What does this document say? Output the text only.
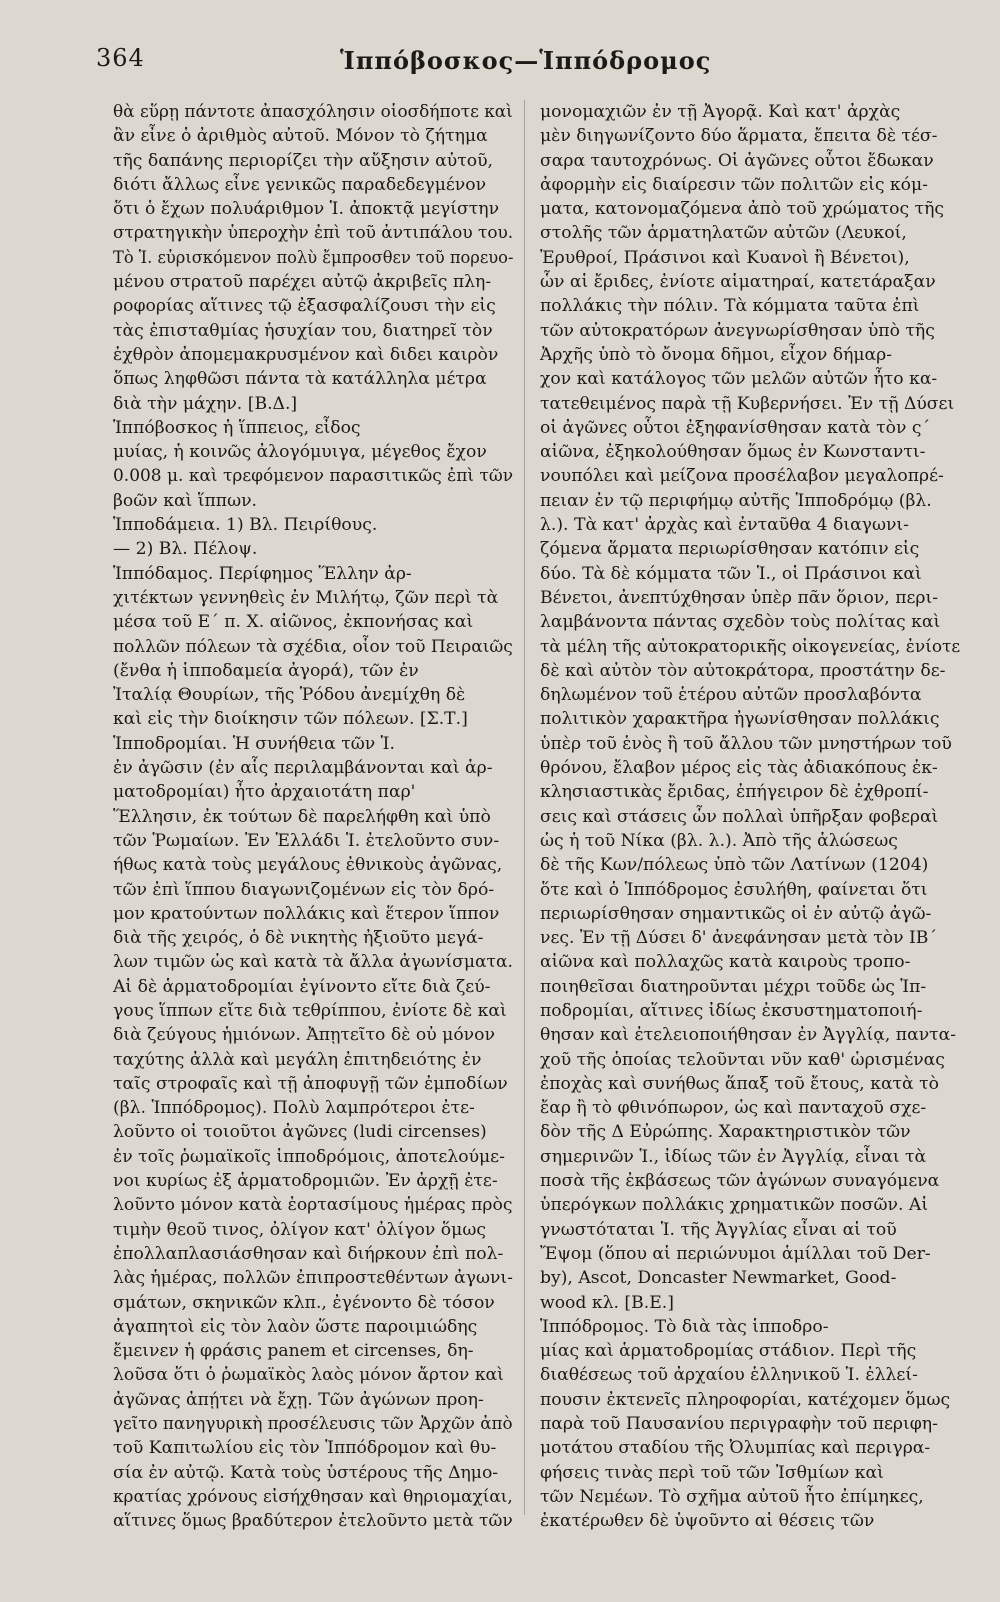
364	Ἱππόβοσκος—Ἱππόδρομος
θὰ εὕρῃ πάντοτε ἀπασχόλησιν οἱοσδήποτε καὶ
ἂν εἶνε ὁ ἀριθμὸς αὐτοῦ. Μόνον τὸ ζήτημα
τῆς δαπάνης περιορίζει τὴν αὔξησιν αὐτοῦ,
διότι ἄλλως εἶνε γενικῶς παραδεδεγμένον
ὅτι ὁ ἔχων πολυάριθμον Ἱ. ἀποκτᾷ μεγίστην
στρατηγικὴν ὑπεροχὴν ἐπὶ τοῦ ἀντιπάλου του.
Τὸ Ἱ. εὑρισκόμενον πολὺ ἔμπροσθεν τοῦ πορευο-
μένου στρατοῦ παρέχει αὐτῷ ἀκριβεῖς πλη-
ροφορίας αἵτινες τῷ ἐξασφαλίζουσι τὴν εἰς
τὰς ἐπισταθμίας ἡσυχίαν του, διατηρεῖ τὸν
ἐχθρὸν ἀπομεμακρυσμένον καὶ διδει καιρὸν
ὅπως ληφθῶσι πάντα τὰ κατάλληλα μέτρα
διὰ τὴν μάχην. [Β.Δ.]
Ἱππόβοσκος ἡ ἵππειος, εἶδος
μυίας, ἡ κοινῶς ἀλογόμυιγα, μέγεθος ἔχον
0.008 μ. καὶ τρεφόμενον παρασιτικῶς ἐπὶ τῶν
βοῶν καὶ ἵππων.
Ἱπποδάμεια. 1) Βλ. Πειρίθους.
— 2) Βλ. Πέλοψ.
Ἱππόδαμος. Περίφημος Ἕλλην ἀρ-
χιτέκτων γεννηθεὶς ἐν Μιλήτῳ, ζῶν περὶ τὰ
μέσα τοῦ Ε΄ π. Χ. αἰῶνος, ἐκπονήσας καὶ
πολλῶν πόλεων τὰ σχέδια, οἷον τοῦ Πειραιῶς
(ἔνθα ἡ ἱπποδαμεία ἀγορά), τῶν ἐν
Ἰταλίᾳ Θουρίων, τῆς Ῥόδου ἀνεμίχθη δὲ
καὶ εἰς τὴν διοίκησιν τῶν πόλεων. [Σ.Τ.]
Ἱπποδρομίαι. Ἡ συνήθεια τῶν Ἱ.
ἐν ἀγῶσιν (ἐν αἷς περιλαμβάνονται καὶ ἁρ-
ματοδρομίαι) ἦτο ἀρχαιοτάτη παρ'
Ἕλλησιν, ἐκ τούτων δὲ παρελήφθη καὶ ὑπὸ
τῶν Ῥωμαίων. Ἐν Ἑλλάδι Ἱ. ἐτελοῦντο συν-
ήθως κατὰ τοὺς μεγάλους ἐθνικοὺς ἀγῶνας,
τῶν ἐπὶ ἵππου διαγωνιζομένων εἰς τὸν δρό-
μον κρατούντων πολλάκις καὶ ἕτερον ἵππον
διὰ τῆς χειρός, ὁ δὲ νικητὴς ἠξιοῦτο μεγά-
λων τιμῶν ὡς καὶ κατὰ τὰ ἄλλα ἀγωνίσματα.
Αἱ δὲ ἁρματοδρομίαι ἐγίνοντο εἴτε διὰ ζεύ-
γους ἵππων εἴτε διὰ τεθρίππου, ἐνίοτε δὲ καὶ
διὰ ζεύγους ἡμιόνων. Ἀπῃτεῖτο δὲ οὐ μόνον
ταχύτης ἀλλὰ καὶ μεγάλη ἐπιτηδειότης ἐν
ταῖς στροφαῖς καὶ τῇ ἀποφυγῇ τῶν ἐμποδίων
(βλ. Ἱππόδρομος). Πολὺ λαμπρότεροι ἐτε-
λοῦντο οἱ τοιοῦτοι ἀγῶνες (ludi circenses)
ἐν τοῖς ῥωμαϊκοῖς ἱπποδρόμοις, ἀποτελούμε-
νοι κυρίως ἐξ ἁρματοδρομιῶν. Ἐν ἀρχῇ ἐτε-
λοῦντο μόνον κατὰ ἑορτασίμους ἡμέρας πρὸς
τιμὴν θεοῦ τινος, ὀλίγον κατ' ὀλίγον ὅμως
ἐπολλαπλασιάσθησαν καὶ διήρκουν ἐπὶ πολ-
λὰς ἡμέρας, πολλῶν ἐπιπροστεθέντων ἀγωνι-
σμάτων, σκηνικῶν κλπ., ἐγένοντο δὲ τόσον
ἀγαπητοὶ εἰς τὸν λαὸν ὥστε παροιμιώδης
ἔμεινεν ἡ φράσις panem et circenses, δη-
λοῦσα ὅτι ὁ ῥωμαϊκὸς λαὸς μόνον ἄρτον καὶ
ἀγῶνας ἀπῄτει νὰ ἔχῃ. Τῶν ἀγώνων προη-
γεῖτο πανηγυρικὴ προσέλευσις τῶν Ἀρχῶν ἀπὸ
τοῦ Καπιτωλίου εἰς τὸν Ἱππόδρομον καὶ θυ-
σία ἐν αὐτῷ. Κατὰ τοὺς ὑστέρους τῆς Δημο-
κρατίας χρόνους εἰσήχθησαν καὶ θηριομαχίαι,
αἵτινες ὅμως βραδύτερον ἐτελοῦντο μετὰ τῶν
μονομαχιῶν ἐν τῇ Ἀγορᾷ. Καὶ κατ' ἀρχὰς
μὲν διηγωνίζοντο δύο ἅρματα, ἔπειτα δὲ τέσ-
σαρα ταυτοχρόνως. Οἱ ἀγῶνες οὗτοι ἔδωκαν
ἀφορμὴν εἰς διαίρεσιν τῶν πολιτῶν εἰς κόμ-
ματα, κατονομαζόμενα ἀπὸ τοῦ χρώματος τῆς
στολῆς τῶν ἁρματηλατῶν αὐτῶν (Λευκοί,
Ἐρυθροί, Πράσινοι καὶ Κυανοὶ ἢ Βένετοι),
ὧν αἱ ἔριδες, ἐνίοτε αἱματηραί, κατετάραξαν
πολλάκις τὴν πόλιν. Τὰ κόμματα ταῦτα ἐπὶ
τῶν αὐτοκρατόρων ἀνεγνωρίσθησαν ὑπὸ τῆς
Ἀρχῆς ὑπὸ τὸ ὄνομα δῆμοι, εἶχον δήμαρ-
χον καὶ κατάλογος τῶν μελῶν αὐτῶν ἦτο κα-
τατεθειμένος παρὰ τῇ Κυβερνήσει. Ἐν τῇ Δύσει
οἱ ἀγῶνες οὗτοι ἐξηφανίσθησαν κατὰ τὸν ς΄
αἰῶνα, ἐξηκολούθησαν ὅμως ἐν Κωνσταντι-
νουπόλει καὶ μείζονα προσέλαβον μεγαλοπρέ-
πειαν ἐν τῷ περιφήμῳ αὐτῆς Ἱπποδρόμῳ (βλ.
λ.). Τὰ κατ' ἀρχὰς καὶ ἐνταῦθα 4 διαγωνι-
ζόμενα ἅρματα περιωρίσθησαν κατόπιν εἰς
δύο. Τὰ δὲ κόμματα τῶν Ἱ., οἱ Πράσινοι καὶ
Βένετοι, ἀνεπτύχθησαν ὑπὲρ πᾶν ὅριον, περι-
λαμβάνοντα πάντας σχεδὸν τοὺς πολίτας καὶ
τὰ μέλη τῆς αὐτοκρατορικῆς οἰκογενείας, ἐνίοτε
δὲ καὶ αὐτὸν τὸν αὐτοκράτορα, προστάτην δε-
δηλωμένον τοῦ ἑτέρου αὐτῶν προσλαβόντα
πολιτικὸν χαρακτῆρα ἠγωνίσθησαν πολλάκις
ὑπὲρ τοῦ ἑνὸς ἢ τοῦ ἄλλου τῶν μνηστήρων τοῦ
θρόνου, ἔλαβον μέρος εἰς τὰς ἀδιακόπους ἐκ-
κλησιαστικὰς ἔριδας, ἐπήγειρον δὲ ἐχθροπί-
σεις καὶ στάσεις ὧν πολλαὶ ὑπῆρξαν φοβεραὶ
ὡς ἡ τοῦ Νίκα (βλ. λ.). Ἀπὸ τῆς ἁλώσεως
δὲ τῆς Κων/πόλεως ὑπὸ τῶν Λατίνων (1204)
ὅτε καὶ ὁ Ἱππόδρομος ἐσυλήθη, φαίνεται ὅτι
περιωρίσθησαν σημαντικῶς οἱ ἐν αὐτῷ ἀγῶ-
νες. Ἐν τῇ Δύσει δ' ἀνεφάνησαν μετὰ τὸν ΙΒ΄
αἰῶνα καὶ πολλαχῶς κατὰ καιροὺς τροπο-
ποιηθεῖσαι διατηροῦνται μέχρι τοῦδε ὡς Ἱπ-
ποδρομίαι, αἵτινες ἰδίως ἐκσυστηματοποιή-
θησαν καὶ ἐτελειοποιήθησαν ἐν Ἀγγλίᾳ, παντα-
χοῦ τῆς ὁποίας τελοῦνται νῦν καθ' ὡρισμένας
ἐποχὰς καὶ συνήθως ἅπαξ τοῦ ἔτους, κατὰ τὸ
ἔαρ ἢ τὸ φθινόπωρον, ὡς καὶ πανταχοῦ σχε-
δὸν τῆς Δ Εὐρώπης. Χαρακτηριστικὸν τῶν
σημερινῶν Ἱ., ἰδίως τῶν ἐν Ἀγγλίᾳ, εἶναι τὰ
ποσὰ τῆς ἐκβάσεως τῶν ἀγώνων συναγόμενα
ὑπερόγκων πολλάκις χρηματικῶν ποσῶν. Αἱ
γνωστόταται Ἱ. τῆς Ἀγγλίας εἶναι αἱ τοῦ
Ἔψομ (ὅπου αἱ περιώνυμοι ἁμίλλαι τοῦ Der-
by), Ascot, Doncaster Newmarket, Good-
wood κλ. [Β.Ε.]
Ἱππόδρομος. Τὸ διὰ τὰς ἱπποδρο-
μίας καὶ ἁρματοδρομίας στάδιον. Περὶ τῆς
διαθέσεως τοῦ ἀρχαίου ἑλληνικοῦ Ἱ. ἐλλεί-
πουσιν ἐκτενεῖς πληροφορίαι, κατέχομεν ὅμως
παρὰ τοῦ Παυσανίου περιγραφὴν τοῦ περιφη-
μοτάτου σταδίου τῆς Ὀλυμπίας καὶ περιγρα-
φήσεις τινὰς περὶ τοῦ τῶν Ἰσθμίων καὶ
τῶν Νεμέων. Τὸ σχῆμα αὐτοῦ ἦτο ἐπίμηκες,
ἐκατέρωθεν δὲ ὑψοῦντο αἱ θέσεις τῶν
